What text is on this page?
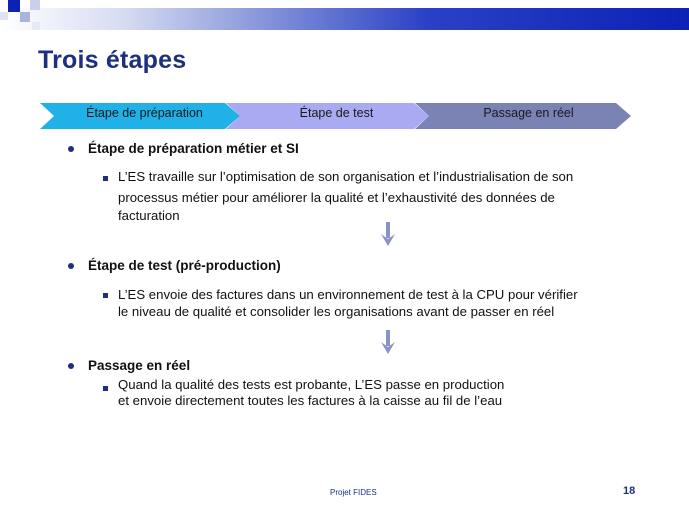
Trois étapes
Étape de préparation	Étape de test	Passage en réel
Étape de préparation métier et SI
L’ES travaille sur l’optimisation de son organisation et l’industrialisation de son
processus métier pour améliorer la qualité et l’exhaustivité des données de
facturation
Étape de test (pré-production)
L’ES envoie des factures dans un environnement de test à la CPU pour vérifier
le niveau de qualité et consolider les organisations avant de passer en réel
Passage en réel
Quand la qualité des tests est probante, L’ES passe en production
et envoie directement toutes les factures à la caisse au fil de l’eau
Projet FIDES	18
